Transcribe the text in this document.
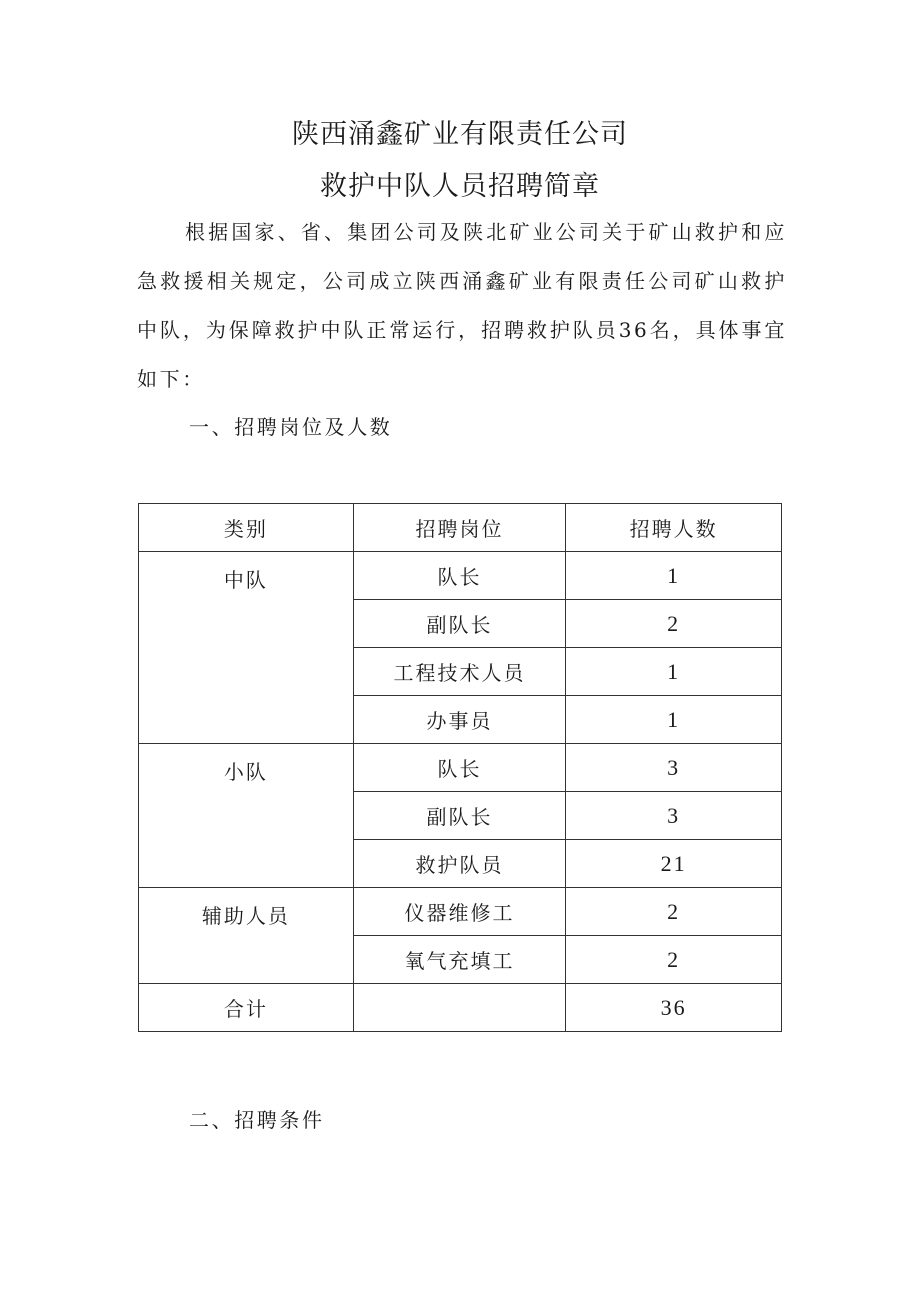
陕西涌鑫矿业有限责任公司
救护中队人员招聘简章

根据国家、省、集团公司及陕北矿业公司关于矿山救护和应急救援相关规定，公司成立陕西涌鑫矿业有限责任公司矿山救护中队，为保障救护中队正常运行，招聘救护队员36名，具体事宜如下：

一、招聘岗位及人数
类别	招聘岗位	招聘人数
中队	队长	1
	副队长	2
	工程技术人员	1
	办事员	1
小队	队长	3
	副队长	3
	救护队员	21
辅助人员	仪器维修工	2
	氧气充填工	2
合计		36
二、招聘条件
